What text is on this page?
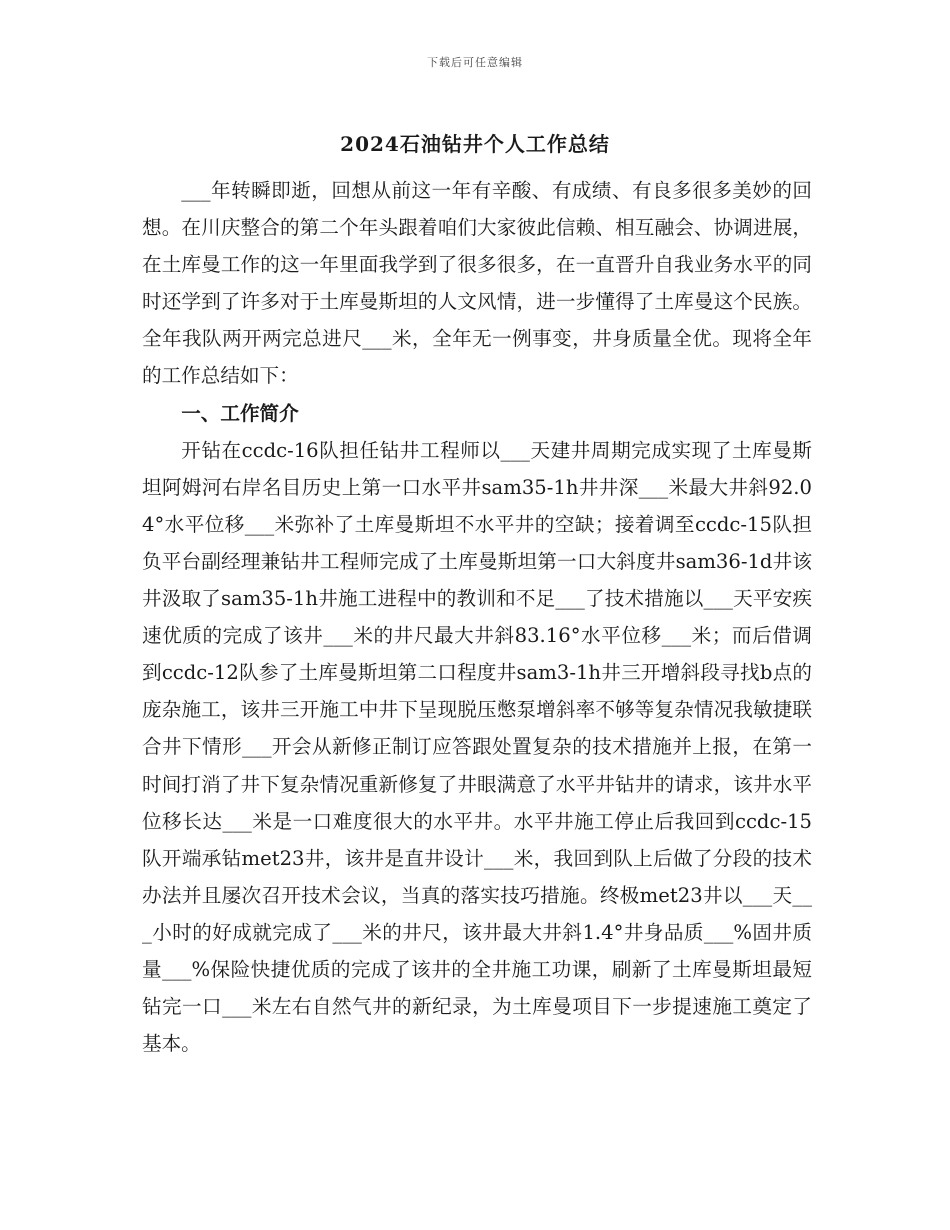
下载后可任意编辑
2024石油钻井个人工作总结

___年转瞬即逝，回想从前这一年有辛酸、有成绩、有良多很多美妙的回想。在川庆整合的第二个年头跟着咱们大家彼此信赖、相互融会、协调进展，在土库曼工作的这一年里面我学到了很多很多，在一直晋升自我业务水平的同时还学到了许多对于土库曼斯坦的人文风情，进一步懂得了土库曼这个民族。全年我队两开两完总进尺___米，全年无一例事变，井身质量全优。现将全年的工作总结如下：

一、工作简介

开钻在ccdc-16队担任钻井工程师以___天建井周期完成实现了土库曼斯坦阿姆河右岸名目历史上第一口水平井sam35-1h井井深___米最大井斜92.04°水平位移___米弥补了土库曼斯坦不水平井的空缺；接着调至ccdc-15队担负平台副经理兼钻井工程师完成了土库曼斯坦第一口大斜度井sam36-1d井该井汲取了sam35-1h井施工进程中的教训和不足___了技术措施以___天平安疾速优质的完成了该井___米的井尺最大井斜83.16°水平位移___米；而后借调到ccdc-12队参了土库曼斯坦第二口程度井sam3-1h井三开增斜段寻找b点的庞杂施工，该井三开施工中井下呈现脱压憋泵增斜率不够等复杂情况我敏捷联合井下情形___开会从新修正制订应答跟处置复杂的技术措施并上报，在第一时间打消了井下复杂情况重新修复了井眼满意了水平井钻井的请求，该井水平位移长达___米是一口难度很大的水平井。水平井施工停止后我回到ccdc-15队开端承钻met23井，该井是直井设计___米，我回到队上后做了分段的技术办法并且屡次召开技术会议，当真的落实技巧措施。终极met23井以___天___小时的好成就完成了___米的井尺，该井最大井斜1.4°井身品质___%固井质量___%保险快捷优质的完成了该井的全井施工功课，刷新了土库曼斯坦最短钻完一口___米左右自然气井的新纪录，为土库曼项目下一步提速施工奠定了基本。
